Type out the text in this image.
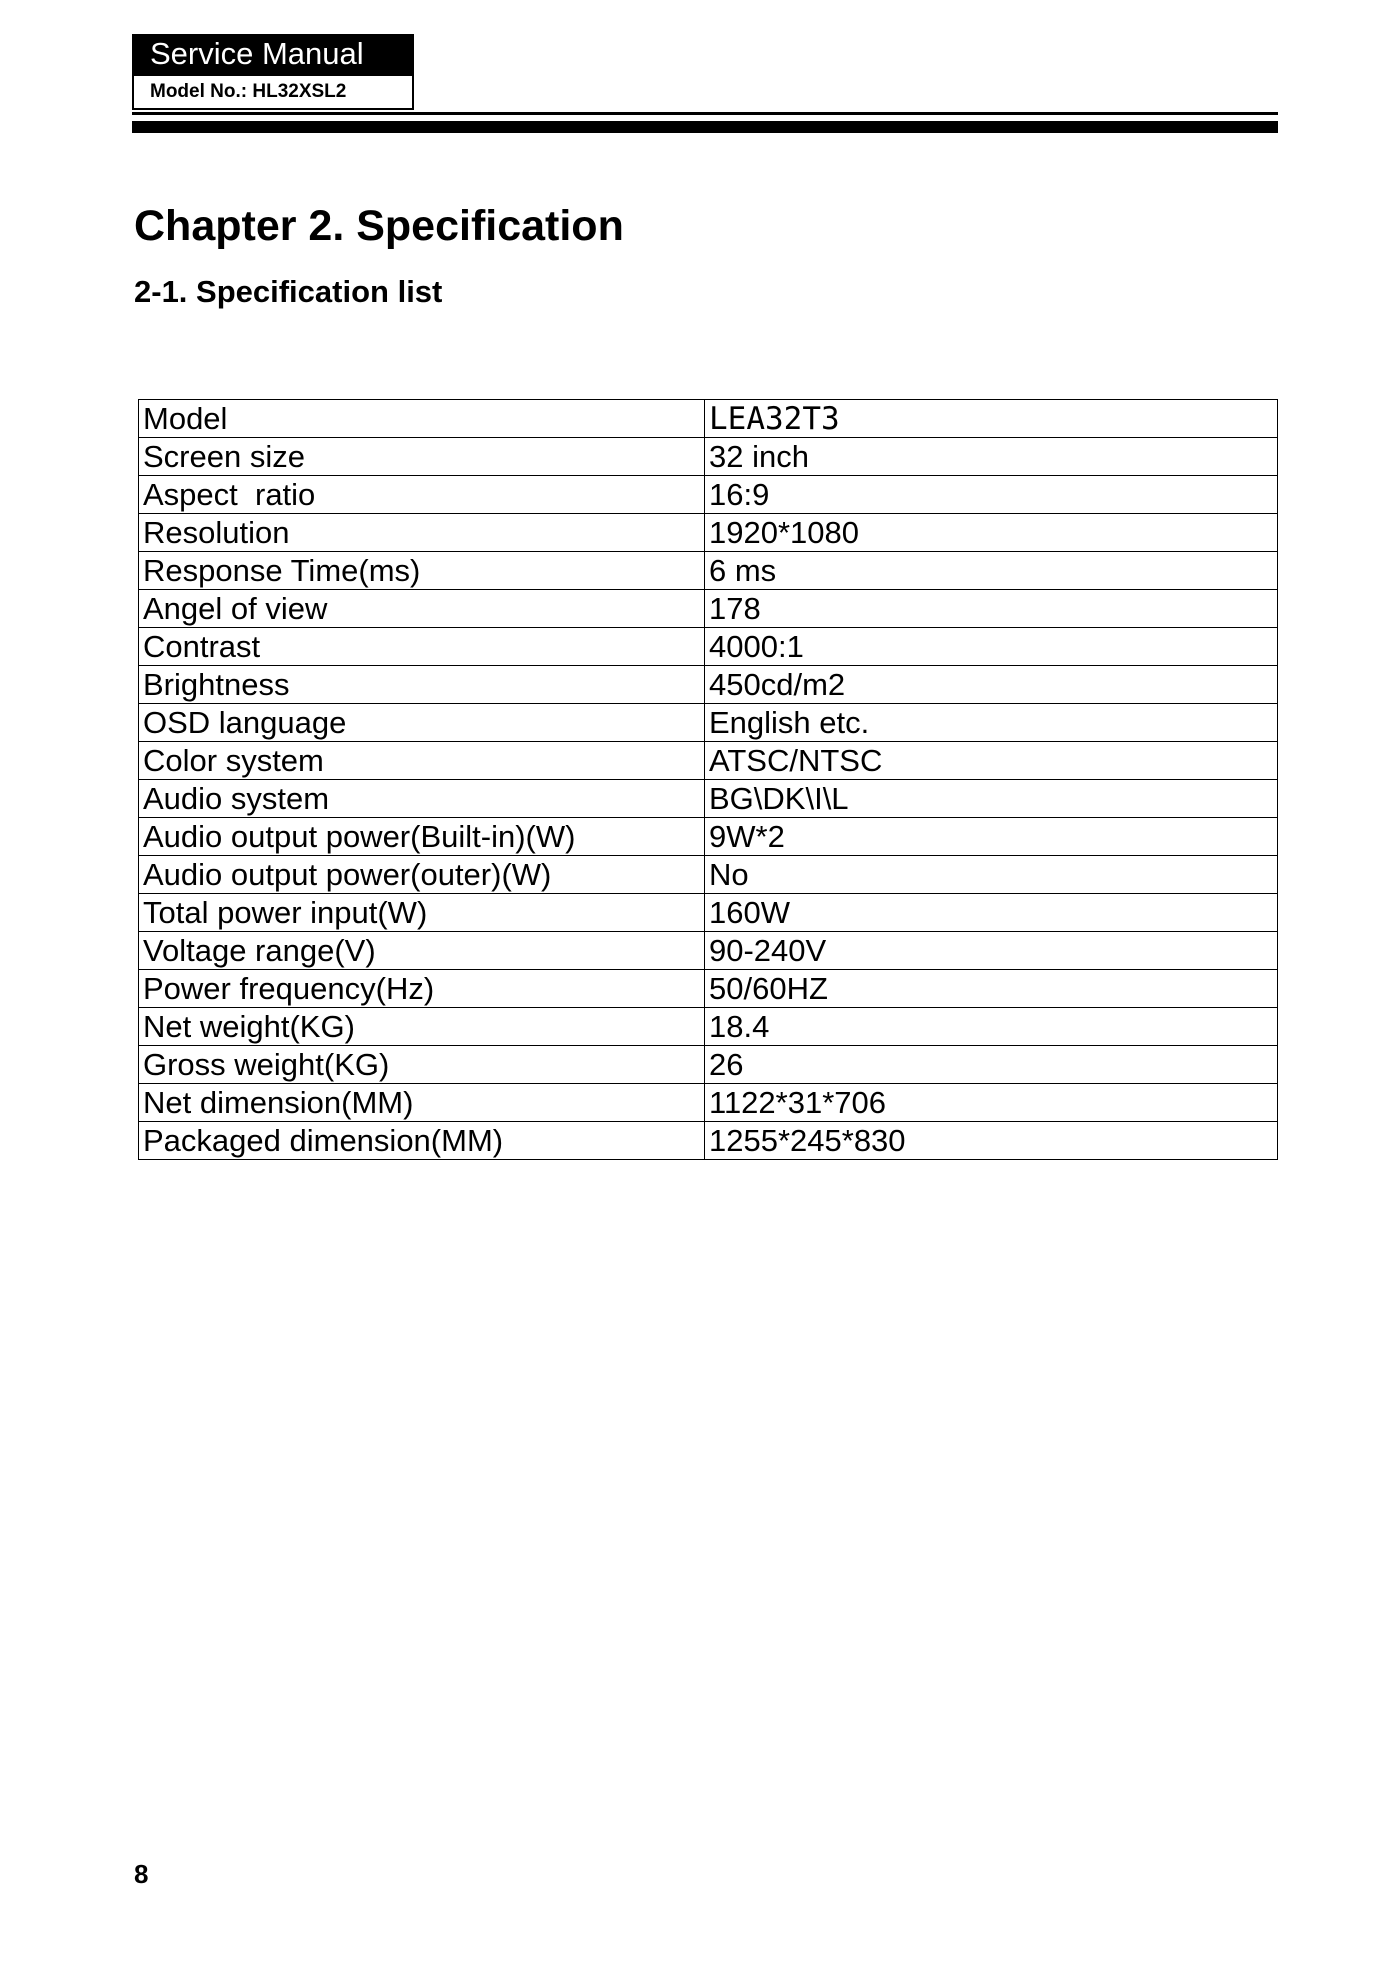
Service Manual
Model No.: HL32XSL2
Chapter 2. Specification
2-1. Specification list
Model	LEA32T3
Screen size	32 inch
Aspect  ratio	16:9
Resolution	1920*1080
Response Time(ms)	6 ms
Angel of view	178
Contrast	4000:1
Brightness	450cd/m2
OSD language	English etc.
Color system	ATSC/NTSC
Audio system	BG\DK\I\L
Audio output power(Built-in)(W)	9W*2
Audio output power(outer)(W)	No
Total power input(W)	160W
Voltage range(V)	90-240V
Power frequency(Hz)	50/60HZ
Net weight(KG)	18.4
Gross weight(KG)	26
Net dimension(MM)	1122*31*706
Packaged dimension(MM)	1255*245*830
8
